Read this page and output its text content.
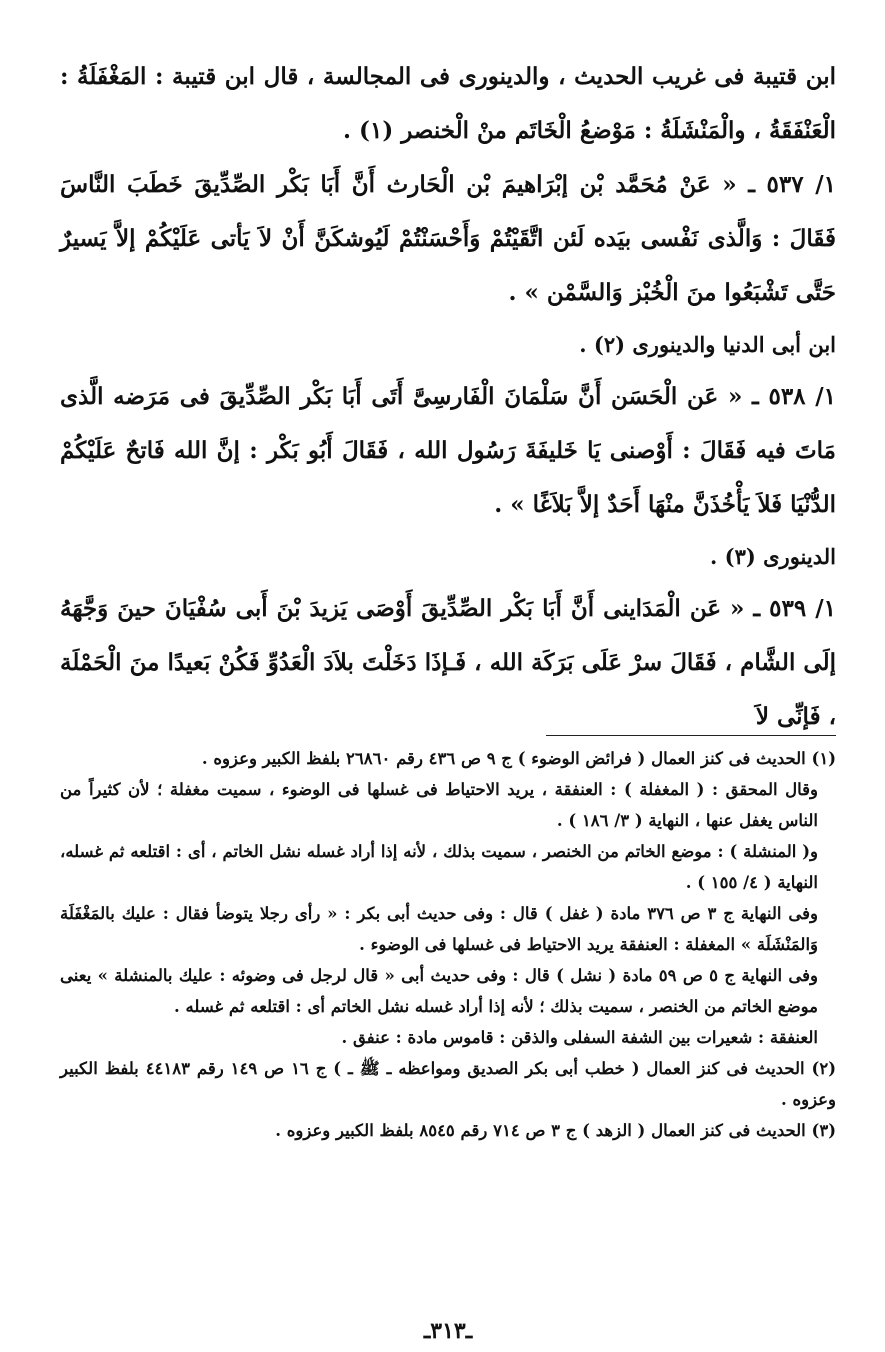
ابن قتيبة فى غريب الحديث ، والدينورى فى المجالسة ، قال ابن قتيبة : المَغْفَلَةُ : الْعَنْفَقَةُ ، والْمَنْشَلَةُ : مَوْضعُ الْخَاتَم منْ الْخنصر (١) .

١/ ٥٣٧ ـ « عَنْ مُحَمَّد بْن إبْرَاهيمَ بْن الْحَارث أَنَّ أَبَا بَكْر الصِّدِّيقَ خَطَبَ النَّاسَ فَقَالَ : وَالَّذى نَفْسى بيَده لَئن اتَّقَيْتُمْ وَأَحْسَنْتُمْ لَيُوشكَنَّ أَنْ لاَ يَأتى عَلَيْكُمْ إلاَّ يَسيرٌ حَتَّى تَشْبَعُوا منَ الْخُبْز وَالسَّمْن » .

ابن أبى الدنيا والدينورى (٢) .

١/ ٥٣٨ ـ « عَن الْحَسَن أَنَّ سَلْمَانَ الْفَارسِىَّ أَتَى أَبَا بَكْر الصِّدِّيقَ فى مَرَضه الَّذى مَاتَ فيه فَقَالَ : أَوْصنى يَا خَليفَةَ رَسُول الله ، فَقَالَ أَبُو بَكْر : إنَّ الله فَاتحٌ عَلَيْكُمْ الدُّنْيَا فَلاَ يَأْخُذَنَّ منْهَا أَحَدٌ إلاَّ بَلاَغًا » .

الدينورى (٣) .

١/ ٥٣٩ ـ « عَن الْمَدَاينى أَنَّ أَبَا بَكْر الصِّدِّيقَ أَوْصَى يَزيدَ بْنَ أَبى سُفْيَانَ حينَ وَجَّهَهُ إلَى الشَّام ، فَقَالَ سرْ عَلَى بَرَكَة الله ، فَـإذَا دَخَلْتَ بلاَدَ الْعَدُوِّ فَكُنْ بَعيدًا منَ الْحَمْلَة ، فَإنِّى لاَ

(١) الحديث فى كنز العمال ( فرائض الوضوء ) ج ٩ ص ٤٣٦ رقم ٢٦٨٦٠ بلفظ الكبير وعزوه .

وقال المحقق : ( المغفلة ) : العنفقة ، يريد الاحتياط فى غسلها فى الوضوء ، سميت مغفلة ؛ لأن كثيراً من الناس يغفل عنها ، النهاية ( ٣/ ١٨٦ ) .

و( المنشلة ) : موضع الخاتم من الخنصر ، سميت بذلك ، لأنه إذا أراد غسله نشل الخاتم ، أى : اقتلعه ثم غسله، النهاية ( ٤/ ١٥٥ ) .

وفى النهاية ج ٣ ص ٣٧٦ مادة ( غفل ) قال : وفى حديث أبى بكر : « رأى رجلا يتوضأ فقال : عليك بالمَغْفَلَة وَالمَنْشَلَة » المغفلة : العنفقة يريد الاحتياط فى غسلها فى الوضوء .

وفى النهاية ج ٥ ص ٥٩ مادة ( نشل ) قال : وفى حديث أبى « قال لرجل فى وضوئه : عليك بالمنشلة » يعنى موضع الخاتم من الخنصر ، سميت بذلك ؛ لأنه إذا أراد غسله نشل الخاتم أى : اقتلعه ثم غسله .

العنفقة : شعيرات بين الشفة السفلى والذقن : قاموس مادة : عنفق .

(٢) الحديث فى كنز العمال ( خطب أبى بكر الصديق ومواعظه ـ ﷺ ـ ) ج ١٦ ص ١٤٩ رقم ٤٤١٨٣ بلفظ الكبير وعزوه .

(٣) الحديث فى كنز العمال ( الزهد ) ج ٣ ص ٧١٤ رقم ٨٥٤٥ بلفظ الكبير وعزوه .

ـ٣١٣ـ
